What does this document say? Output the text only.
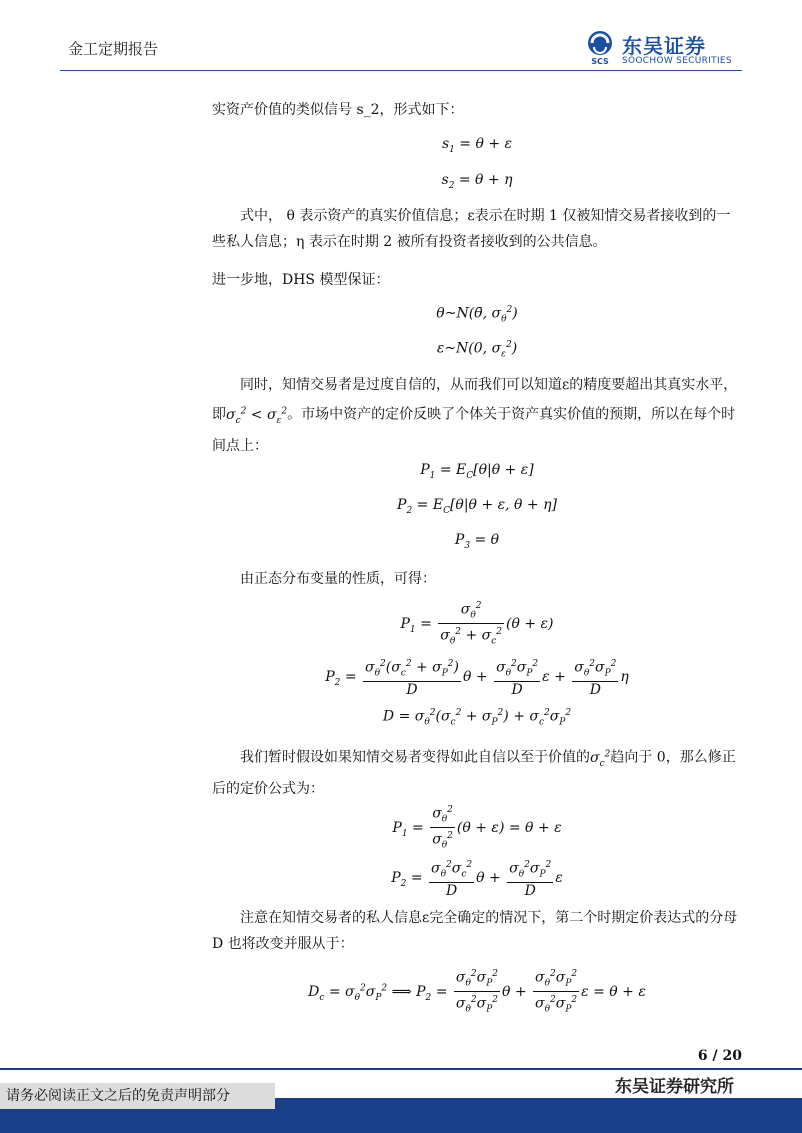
金工定期报告
SCS
东吴证券
SOOCHOW SECURITIES
实资产价值的类似信号 s_2，形式如下：
$s_1 = \theta + \varepsilon$
$s_2 = \theta + \eta$
式中， θ 表示资产的真实价值信息；ε表示在时期 1 仅被知情交易者接收到的一些私人信息；η 表示在时期 2 被所有投资者接收到的公共信息。
进一步地，DHS 模型保证：
θ~N(θ̄, $\sigma_\theta^2$)
ε~N(0, $\sigma_\varepsilon^2$)
同时，知情交易者是过度自信的，从而我们可以知道ε的精度要超出其真实水平，即$\sigma_c^2 < \sigma_\varepsilon^2$。市场中资产的定价反映了个体关于资产真实价值的预期，所以在每个时间点上：
$P_1 = E_C[\theta|\theta + \varepsilon]$
$P_2 = E_C[\theta|\theta + \varepsilon$, θ + η]
$P_3 = \theta$
由正态分布变量的性质，可得：
$P_1 = \frac{\sigma_\theta^2}{\sigma_\theta^2 + \sigma_c^2} (\theta + \varepsilon)$
$P_2 = \frac{\sigma_\theta^2(\sigma_c^2 + \sigma_P^2)}{D}$ $\theta + \frac{\sigma_\theta^2\sigma_P^2}{D}$ $\varepsilon + \frac{\sigma_\theta^2\sigma_P^2}{D}$ η
$D = \sigma_\theta^2(\sigma_c^2 + \sigma_P^2) + \sigma_c^2\sigma_P^2$
我们暂时假设如果知情交易者变得如此自信以至于价值的$\sigma_c^2$趋向于 0，那么修正后的定价公式为：
$P_1 = \frac{\sigma_\theta^2}{\sigma_\theta^2} (\theta + \varepsilon) = \theta + \varepsilon$
$P_2 = \frac{\sigma_\theta^2\sigma_c^2}{D}$ $\theta + \frac{\sigma_\theta^2\sigma_P^2}{D}$ ε
注意在知情交易者的私人信息ε完全确定的情况下，第二个时期定价表达式的分母 D 也将改变并服从于：
$D_c = \sigma_\theta^2\sigma_P^2$ ⟹ $P_2 = \frac{\sigma_\theta^2\sigma_P^2}{\sigma_\theta^2\sigma_P^2}$ $\theta + \frac{\sigma_\theta^2\sigma_P^2}{\sigma_\theta^2\sigma_P^2}$ ε = θ + ε
6 / 20
东吴证券研究所
请务必阅读正文之后的免责声明部分
